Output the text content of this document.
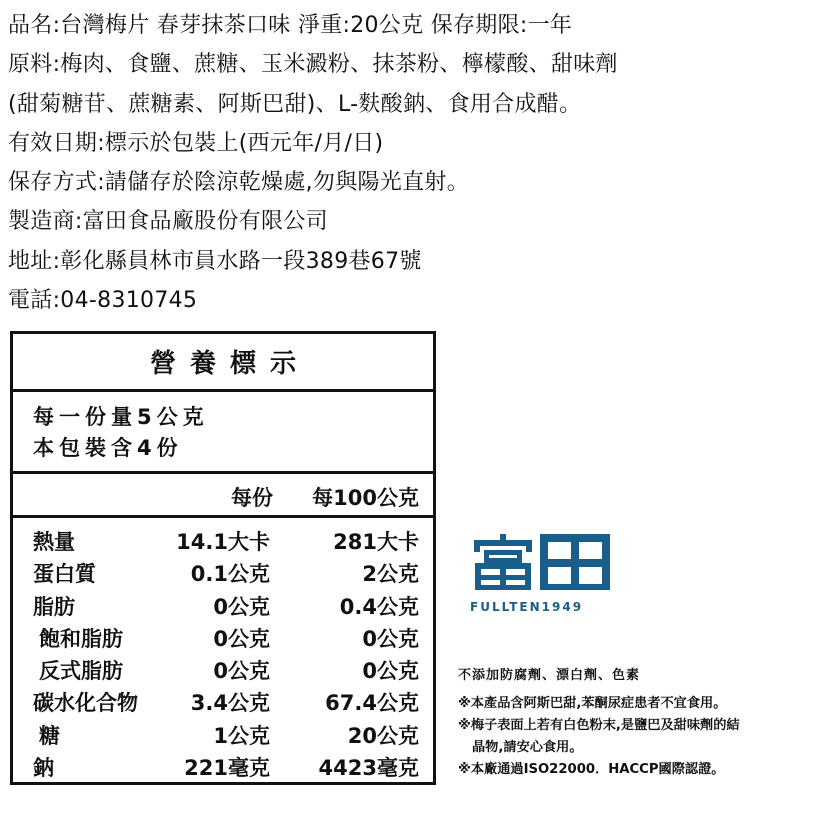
品名:台灣梅片 春芽抹茶口味 淨重:20公克 保存期限:一年
原料:梅肉、食鹽、蔗糖、玉米澱粉、抹茶粉、檸檬酸、甜味劑
(甜菊糖苷、蔗糖素、阿斯巴甜)、L-麩酸鈉、食用合成醋。
有效日期:標示於包裝上(西元年/月/日)
保存方式:請儲存於陰涼乾燥處,勿與陽光直射。
製造商:富田食品廠股份有限公司
地址:彰化縣員林市員水路一段389巷67號
電話:04-8310745
營養標示
每一份量5公克
本包裝含4份
每份 每100公克
熱量	14.1大卡	281大卡
蛋白質	0.1公克	2公克
脂肪	0公克	0.4公克
飽和脂肪	0公克	0公克
反式脂肪	0公克	0公克
碳水化合物	3.4公克	67.4公克
糖	1公克	20公克
鈉	221毫克 4423毫克
FULLTEN1949
不添加防腐劑、漂白劑、色素
※本產品含阿斯巴甜,苯酮尿症患者不宜食用。
※梅子表面上若有白色粉末,是鹽巴及甜味劑的結
晶物,請安心食用。
※本廠通過ISO22000．HACCP國際認證。
